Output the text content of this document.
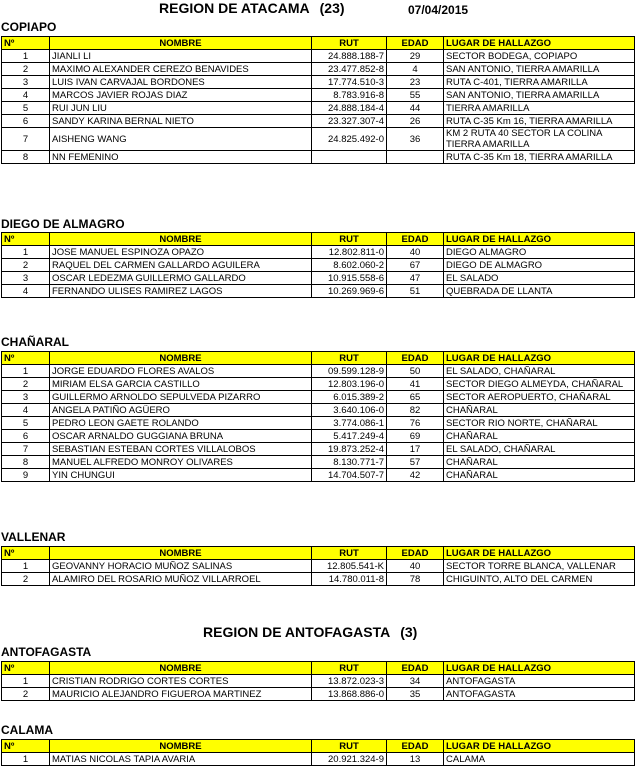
REGION DE ATACAMA (23)	07/04/2015
COPIAPO
Nº	NOMBRE	RUT	EDAD	LUGAR DE HALLAZGO
1	JIANLI LI	24.888.188-7	29	SECTOR BODEGA, COPIAPO
2	MAXIMO ALEXANDER CEREZO BENAVIDES	23.477.852-8	4	SAN ANTONIO, TIERRA AMARILLA
3	LUIS IVAN CARVAJAL BORDONES	17.774.510-3	23	RUTA C-401, TIERRA AMARILLA
4	MARCOS JAVIER ROJAS DIAZ	8.783.916-8	55	SAN ANTONIO, TIERRA AMARILLA
5	RUI JUN LIU	24.888.184-4	44	TIERRA AMARILLA
6	SANDY KARINA BERNAL NIETO	23.327.307-4	26	RUTA C-35 Km 16, TIERRA AMARILLA
7	AISHENG WANG	24.825.492-0	36	KM 2 RUTA 40 SECTOR LA COLINA TIERRA AMARILLA
8	NN FEMENINO			RUTA C-35 Km 18, TIERRA AMARILLA
DIEGO DE ALMAGRO
Nº	NOMBRE	RUT	EDAD	LUGAR DE HALLAZGO
1	JOSE MANUEL ESPINOZA OPAZO	12.802.811-0	40	DIEGO ALMAGRO
2	RAQUEL DEL CARMEN GALLARDO AGUILERA	8.602.060-2	67	DIEGO DE ALMAGRO
3	OSCAR LEDEZMA GUILLERMO GALLARDO	10.915.558-6	47	EL SALADO
4	FERNANDO ULISES RAMIREZ LAGOS	10.269.969-6	51	QUEBRADA DE LLANTA
CHAÑARAL
Nº	NOMBRE	RUT	EDAD	LUGAR DE HALLAZGO
1	JORGE EDUARDO FLORES AVALOS	09.599.128-9	50	EL SALADO, CHAÑARAL
2	MIRIAM ELSA GARCIA CASTILLO	12.803.196-0	41	SECTOR DIEGO ALMEYDA, CHAÑARAL
3	GUILLERMO ARNOLDO SEPULVEDA PIZARRO	6.015.389-2	65	SECTOR AEROPUERTO, CHAÑARAL
4	ANGELA PATIÑO AGÜERO	3.640.106-0	82	CHAÑARAL
5	PEDRO LEON GAETE ROLANDO	3.774.086-1	76	SECTOR RIO NORTE, CHAÑARAL
6	OSCAR ARNALDO GUGGIANA BRUNA	5.417.249-4	69	CHAÑARAL
7	SEBASTIAN ESTEBAN CORTES VILLALOBOS	19.873.252-4	17	EL SALADO, CHAÑARAL
8	MANUEL ALFREDO MONROY OLIVARES	8.130.771-7	57	CHAÑARAL
9	YIN CHUNGUI	14.704.507-7	42	CHAÑARAL
VALLENAR
Nº	NOMBRE	RUT	EDAD	LUGAR DE HALLAZGO
1	GEOVANNY HORACIO MUÑOZ SALINAS	12.805.541-K	40	SECTOR TORRE BLANCA, VALLENAR
2	ALAMIRO DEL ROSARIO MUÑOZ VILLARROEL	14.780.011-8	78	CHIGUINTO, ALTO DEL CARMEN
REGION DE ANTOFAGASTA (3)
ANTOFAGASTA
Nº	NOMBRE	RUT	EDAD	LUGAR DE HALLAZGO
1	CRISTIAN RODRIGO CORTES CORTES	13.872.023-3	34	ANTOFAGASTA
2	MAURICIO ALEJANDRO FIGUEROA MARTINEZ	13.868.886-0	35	ANTOFAGASTA
CALAMA
Nº	NOMBRE	RUT	EDAD	LUGAR DE HALLAZGO
1	MATIAS NICOLAS TAPIA AVARIA	20.921.324-9	13	CALAMA
